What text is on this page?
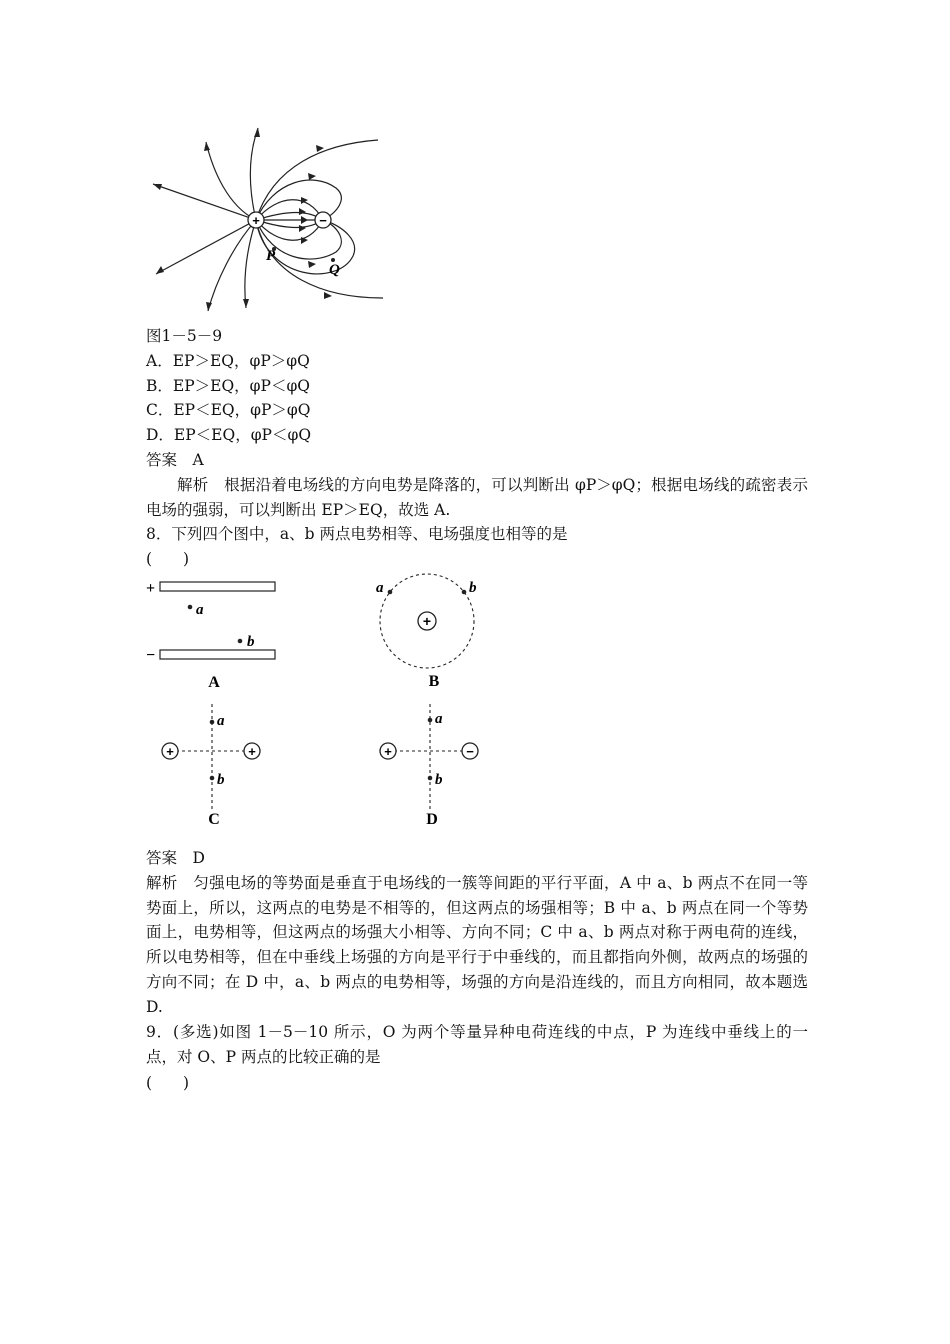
+	−
P
Q
图1－5－9
A．EP＞EQ，φP＞φQ
B．EP＞EQ，φP＜φQ
C．EP＜EQ，φP＞φQ
D．EP＜EQ，φP＜φQ
答案　A
解析　根据沿着电场线的方向电势是降落的，可以判断出 φP＞φQ；根据电场线的疏密表示电场的强弱，可以判断出 EP＞EQ，故选 A.
8．下列四个图中，a、b 两点电势相等、电场强度也相等的是
(　　)
+
a
b
−
A
+
a	b
B
+	+
a
b
C
+	−
a
b
D
答案　D
解析　匀强电场的等势面是垂直于电场线的一簇等间距的平行平面，A 中 a、b 两点不在同一等势面上，所以，这两点的电势是不相等的，但这两点的场强相等；B 中 a、b 两点在同一个等势面上，电势相等，但这两点的场强大小相等、方向不同；C 中 a、b 两点对称于两电荷的连线，所以电势相等，但在中垂线上场强的方向是平行于中垂线的，而且都指向外侧，故两点的场强的方向不同；在 D 中，a、b 两点的电势相等，场强的方向是沿连线的，而且方向相同，故本题选 D.
9．(多选)如图 1－5－10 所示，O 为两个等量异种电荷连线的中点，P 为连线中垂线上的一点，对 O、P 两点的比较正确的是
(　　)
